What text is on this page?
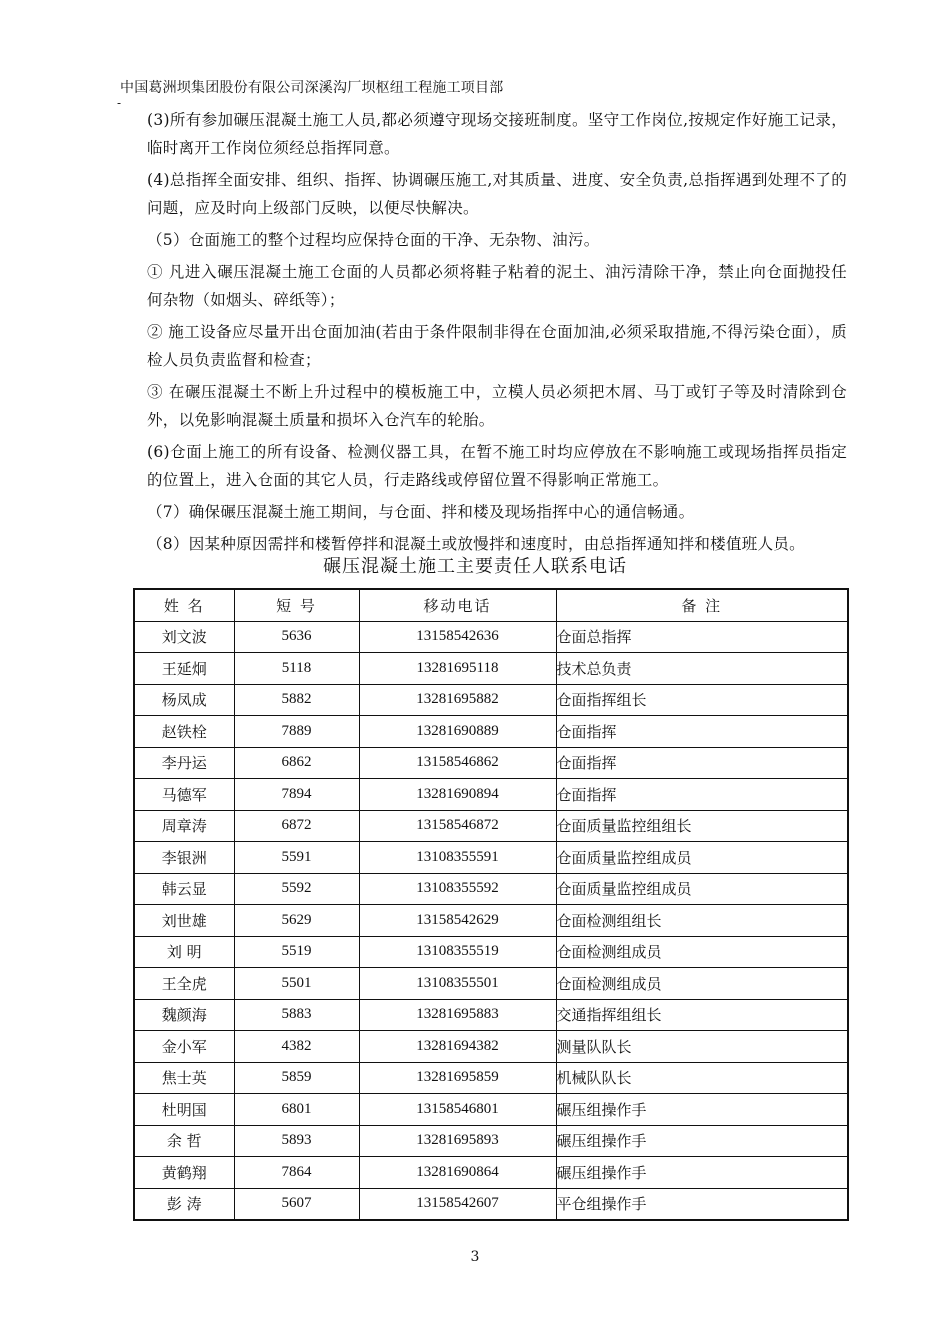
中国葛洲坝集团股份有限公司深溪沟厂坝枢纽工程施工项目部
-

(3)所有参加碾压混凝土施工人员,都必须遵守现场交接班制度。坚守工作岗位,按规定作好施工记录，临时离开工作岗位须经总指挥同意。

(4)总指挥全面安排、组织、指挥、协调碾压施工,对其质量、进度、安全负责,总指挥遇到处理不了的问题，应及时向上级部门反映，以便尽快解决。

（5）仓面施工的整个过程均应保持仓面的干净、无杂物、油污。

① 凡进入碾压混凝土施工仓面的人员都必须将鞋子粘着的泥土、油污清除干净，禁止向仓面抛投任何杂物（如烟头、碎纸等）；

② 施工设备应尽量开出仓面加油(若由于条件限制非得在仓面加油,必须采取措施,不得污染仓面），质检人员负责监督和检查；

③ 在碾压混凝土不断上升过程中的模板施工中，立模人员必须把木屑、马丁或钉子等及时清除到仓外，以免影响混凝土质量和损坏入仓汽车的轮胎。

(6)仓面上施工的所有设备、检测仪器工具，在暂不施工时均应停放在不影响施工或现场指挥员指定的位置上，进入仓面的其它人员，行走路线或停留位置不得影响正常施工。

（7）确保碾压混凝土施工期间，与仓面、拌和楼及现场指挥中心的通信畅通。

（8）因某种原因需拌和楼暂停拌和混凝土或放慢拌和速度时，由总指挥通知拌和楼值班人员。

碾压混凝土施工主要责任人联系电话
姓 名	短 号	移动电话	备 注
刘文波	5636	13158542636	仓面总指挥
王延炯	5118	13281695118	技术总负责
杨凤成	5882	13281695882	仓面指挥组长
赵铁栓	7889	13281690889	仓面指挥
李丹运	6862	13158546862	仓面指挥
马德军	7894	13281690894	仓面指挥
周章涛	6872	13158546872	仓面质量监控组组长
李银洲	5591	13108355591	仓面质量监控组成员
韩云显	5592	13108355592	仓面质量监控组成员
刘世雄	5629	13158542629	仓面检测组组长
刘 明	5519	13108355519	仓面检测组成员
王全虎	5501	13108355501	仓面检测组成员
魏颜海	5883	13281695883	交通指挥组组长
金小军	4382	13281694382	测量队队长
焦士英	5859	13281695859	机械队队长
杜明国	6801	13158546801	碾压组操作手
余 哲	5893	13281695893	碾压组操作手
黄鹤翔	7864	13281690864	碾压组操作手
彭 涛	5607	13158542607	平仓组操作手
3
